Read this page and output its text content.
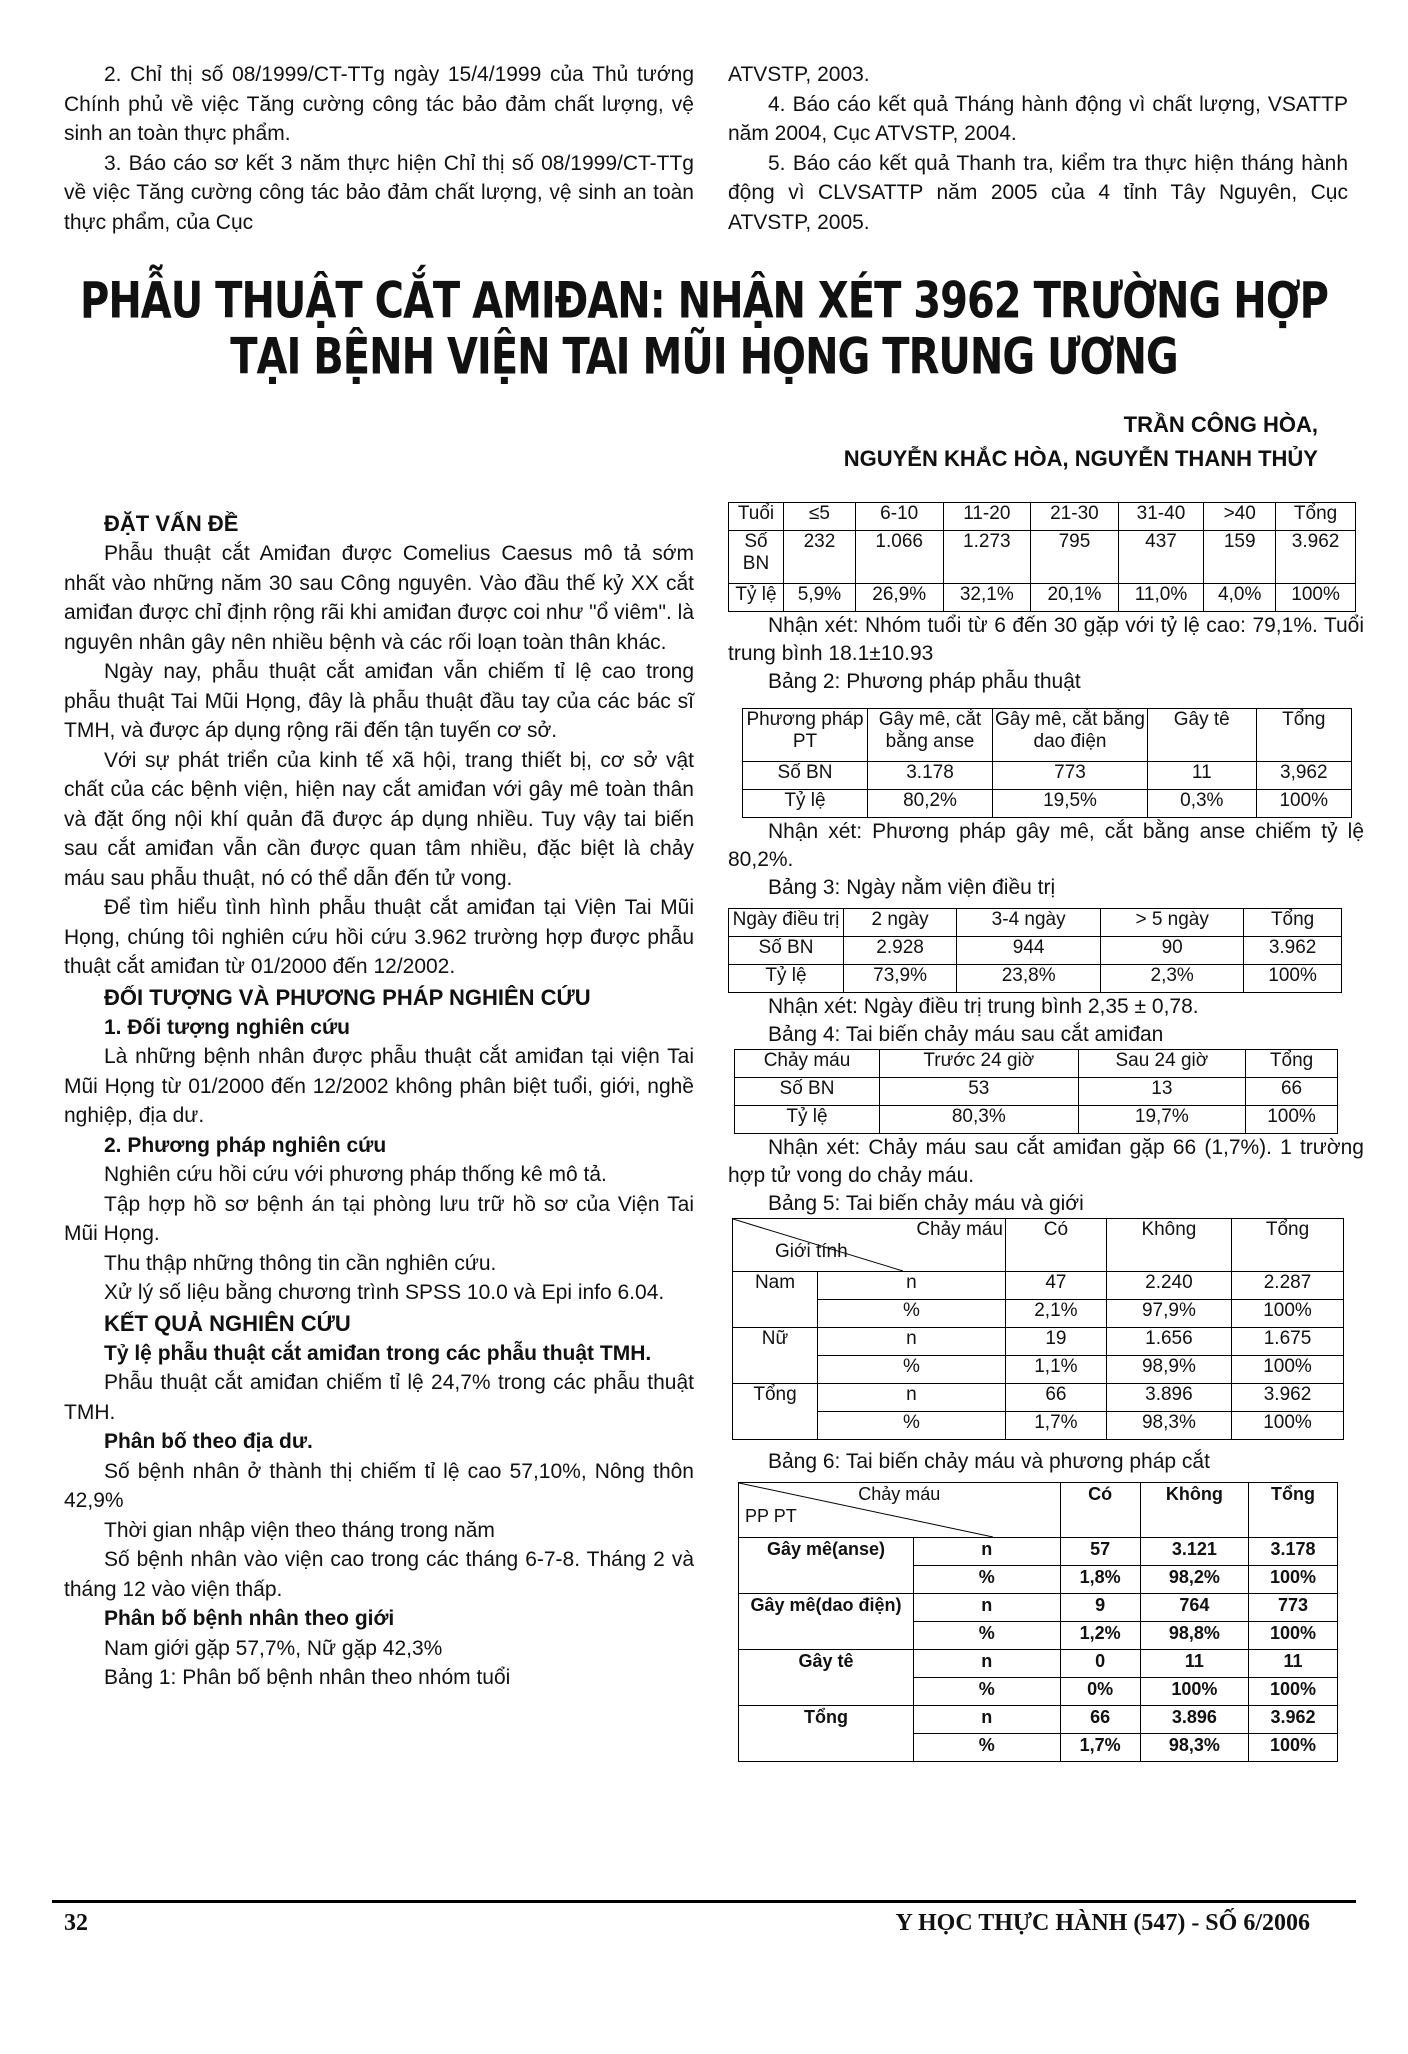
2. Chỉ thị số 08/1999/CT-TTg ngày 15/4/1999 của Thủ tướng Chính phủ về việc Tăng cường công tác bảo đảm chất lượng, vệ sinh an toàn thực phẩm.

3. Báo cáo sơ kết 3 năm thực hiện Chỉ thị số 08/1999/CT-TTg về việc Tăng cường công tác bảo đảm chất lượng, vệ sinh an toàn thực phẩm, của Cục

ATVSTP, 2003.

4. Báo cáo kết quả Tháng hành động vì chất lượng, VSATTP năm 2004, Cục ATVSTP, 2004.

5. Báo cáo kết quả Thanh tra, kiểm tra thực hiện tháng hành động vì CLVSATTP năm 2005 của 4 tỉnh Tây Nguyên, Cục ATVSTP, 2005.

PHẪU THUẬT CẮT AMIĐAN: NHẬN XÉT 3962 TRƯỜNG HỢP
TẠI BỆNH VIỆN TAI MŨI HỌNG TRUNG ƯƠNG
TRẦN CÔNG HÒA,
NGUYỄN KHẮC HÒA, NGUYỄN THANH THỦY
ĐẶT VẤN ĐỀ

Phẫu thuật cắt Amiđan được Comelius Caesus mô tả sớm nhất vào những năm 30 sau Công nguyên. Vào đầu thế kỷ XX cắt amiđan được chỉ định rộng rãi khi amiđan được coi như "ổ viêm". là nguyên nhân gây nên nhiều bệnh và các rối loạn toàn thân khác.

Ngày nay, phẫu thuật cắt amiđan vẫn chiếm tỉ lệ cao trong phẫu thuật Tai Mũi Họng, đây là phẫu thuật đầu tay của các bác sĩ TMH, và được áp dụng rộng rãi đến tận tuyến cơ sở.

Với sự phát triển của kinh tế xã hội, trang thiết bị, cơ sở vật chất của các bệnh viện, hiện nay cắt amiđan với gây mê toàn thân và đặt ống nội khí quản đã được áp dụng nhiều. Tuy vậy tai biến sau cắt amiđan vẫn cần được quan tâm nhiều, đặc biệt là chảy máu sau phẫu thuật, nó có thể dẫn đến tử vong.

Để tìm hiểu tình hình phẫu thuật cắt amiđan tại Viện Tai Mũi Họng, chúng tôi nghiên cứu hồi cứu 3.962 trường hợp được phẫu thuật cắt amiđan từ 01/2000 đến 12/2002.

ĐỐI TƯỢNG VÀ PHƯƠNG PHÁP NGHIÊN CỨU
1. Đối tượng nghiên cứu

Là những bệnh nhân được phẫu thuật cắt amiđan tại viện Tai Mũi Họng từ 01/2000 đến 12/2002 không phân biệt tuổi, giới, nghề nghiệp, địa dư.

2. Phương pháp nghiên cứu

Nghiên cứu hồi cứu với phương pháp thống kê mô tả.

Tập hợp hồ sơ bệnh án tại phòng lưu trữ hồ sơ của Viện Tai Mũi Họng.

Thu thập những thông tin cần nghiên cứu.

Xử lý số liệu bằng chương trình SPSS 10.0 và Epi info 6.04.

KẾT QUẢ NGHIÊN CỨU
Tỷ lệ phẫu thuật cắt amiđan trong các phẫu thuật TMH.

Phẫu thuật cắt amiđan chiếm tỉ lệ 24,7% trong các phẫu thuật TMH.

Phân bố theo địa dư.

Số bệnh nhân ở thành thị chiếm tỉ lệ cao 57,10%, Nông thôn 42,9%

Thời gian nhập viện theo tháng trong năm

Số bệnh nhân vào viện cao trong các tháng 6-7-8. Tháng 2 và tháng 12 vào viện thấp.

Phân bố bệnh nhân theo giới

Nam giới gặp 57,7%, Nữ gặp 42,3%

Bảng 1: Phân bố bệnh nhân theo nhóm tuổi

Tuổi	≤5	6-10	11-20	21-30	31-40	>40	Tổng
Số BN	232	1.066	1.273	795	437	159	3.962
Tỷ lệ	5,9%	26,9%	32,1%	20,1%	11,0%	4,0%	100%

Nhận xét: Nhóm tuổi từ 6 đến 30 gặp với tỷ lệ cao: 79,1%. Tuổi trung bình 18.1±10.93

Bảng 2: Phương pháp phẫu thuật

Phương pháp PT	Gây mê, cắt bằng anse	Gây mê, cắt bằng dao điện	Gây tê	Tổng
Số BN	3.178	773	11	3,962
Tỷ lệ	80,2%	19,5%	0,3%	100%

Nhận xét: Phương pháp gây mê, cắt bằng anse chiếm tỷ lệ 80,2%.

Bảng 3: Ngày nằm viện điều trị

Ngày điều trị	2 ngày	3-4 ngày	> 5 ngày	Tổng
Số BN	2.928	944	90	3.962
Tỷ lệ	73,9%	23,8%	2,3%	100%

Nhận xét: Ngày điều trị trung bình 2,35 ± 0,78.

Bảng 4: Tai biến chảy máu sau cắt amiđan

Chảy máu	Trước 24 giờ	Sau 24 giờ	Tổng
Số BN	53	13	66
Tỷ lệ	80,3%	19,7%	100%

Nhận xét: Chảy máu sau cắt amiđan gặp 66 (1,7%). 1 trường hợp tử vong do chảy máu.

Bảng 5: Tai biến chảy máu và giới

Chảy máu
Giới tính		Có	Không	Tổng
Nam	n	47	2.240	2.287
	%	2,1%	97,9%	100%
Nữ	n	19	1.656	1.675
	%	1,1%	98,9%	100%
Tổng	n	66	3.896	3.962
	%	1,7%	98,3%	100%

Bảng 6: Tai biến chảy máu và phương pháp cắt

Chảy máu
PP PT		Có	Không	Tổng
Gây mê(anse)	n	57	3.121	3.178
	%	1,8%	98,2%	100%
Gây mê(dao điện)	n	9	764	773
	%	1,2%	98,8%	100%
Gây tê	n	0	11	11
	%	0%	100%	100%
Tổng	n	66	3.896	3.962
	%	1,7%	98,3%	100%
32	Y HỌC THỰC HÀNH (547) - SỐ 6/2006
